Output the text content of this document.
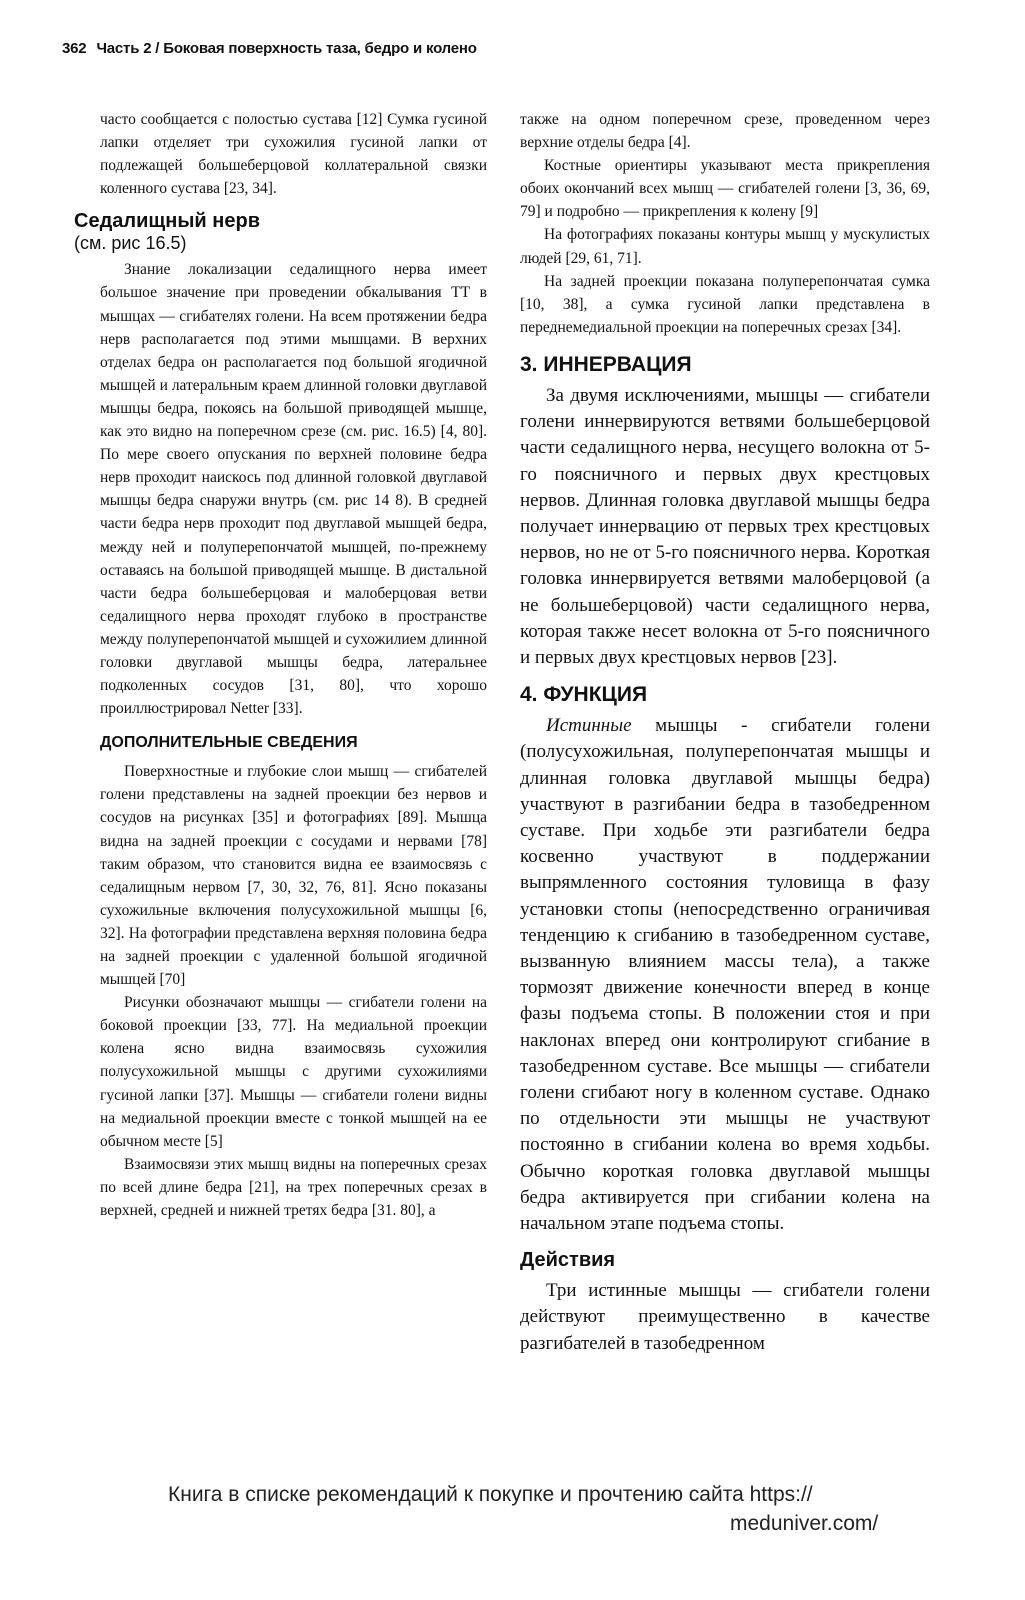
362 Часть 2 / Боковая поверхность таза, бедро и колено

часто сообщается с полостью сустава [12] Сумка гусиной лапки отделяет три сухожилия гусиной лапки от подлежащей большеберцовой коллатеральной связки коленного сустава [23, 34].

Седалищный нерв
(см. рис 16.5)

Знание локализации седалищного нерва имеет большое значение при проведении обкалывания ТТ в мышцах — сгибателях голени. На всем протяжении бедра нерв располагается под этими мышцами. В верхних отделах бедра он располагается под большой ягодичной мышцей и латеральным краем длинной головки двуглавой мышцы бедра, покоясь на большой приводящей мышце, как это видно на поперечном срезе (см. рис. 16.5) [4, 80]. По мере своего опускания по верхней половине бедра нерв проходит наискось под длинной головкой двуглавой мышцы бедра снаружи внутрь (см. рис 14 8). В средней части бедра нерв проходит под двуглавой мышцей бедра, между ней и полуперепончатой мышцей, по-прежнему оставаясь на большой приводящей мышце. В дистальной части бедра большеберцовая и малоберцовая ветви седалищного нерва проходят глубоко в пространстве между полуперепончатой мышцей и сухожилием длинной головки двуглавой мышцы бедра, латеральнее подколенных сосудов [31, 80], что хорошо проиллюстрировал Netter [33].

ДОПОЛНИТЕЛЬНЫЕ СВЕДЕНИЯ

Поверхностные и глубокие слои мышц — сгибателей голени представлены на задней проекции без нервов и сосудов на рисунках [35] и фотографиях [89]. Мышца видна на задней проекции с сосудами и нервами [78] таким образом, что становится видна ее взаимосвязь с седалищным нервом [7, 30, 32, 76, 81]. Ясно показаны сухожильные включения полусухожильной мышцы [6, 32]. На фотографии представлена верхняя половина бедра на задней проекции с удаленной большой ягодичной мышцей [70]

Рисунки обозначают мышцы — сгибатели голени на боковой проекции [33, 77]. На медиальной проекции колена ясно видна взаимосвязь сухожилия полусухожильной мышцы с другими сухожилиями гусиной лапки [37]. Мышцы — сгибатели голени видны на медиальной проекции вместе с тонкой мышцей на ее обычном месте [5]

Взаимосвязи этих мышц видны на поперечных срезах по всей длине бедра [21], на трех поперечных срезах в верхней, средней и нижней третях бедра [31. 80], а

также на одном поперечном срезе, проведенном через верхние отделы бедра [4].

Костные ориентиры указывают места прикрепления обоих окончаний всех мышц — сгибателей голени [3, 36, 69, 79] и подробно — прикрепления к колену [9]

На фотографиях показаны контуры мышц у мускулистых людей [29, 61, 71].

На задней проекции показана полуперепончатая сумка [10, 38], а сумка гусиной лапки представлена в переднемедиальной проекции на поперечных срезах [34].

3. ИННЕРВАЦИЯ

За двумя исключениями, мышцы — сгибатели голени иннервируются ветвями большеберцовой части седалищного нерва, несущего волокна от 5-го поясничного и первых двух крестцовых нервов. Длинная головка двуглавой мышцы бедра получает иннервацию от первых трех крестцовых нервов, но не от 5-го поясничного нерва. Короткая головка иннервируется ветвями малоберцовой (а не большеберцовой) части седалищного нерва, которая также несет волокна от 5-го поясничного и первых двух крестцовых нервов [23].

4. ФУНКЦИЯ

Истинные мышцы - сгибатели голени (полусухожильная, полуперепончатая мышцы и длинная головка двуглавой мышцы бедра) участвуют в разгибании бедра в тазобедренном суставе. При ходьбе эти разгибатели бедра косвенно участвуют в поддержании выпрямленного состояния туловища в фазу установки стопы (непосредственно ограничивая тенденцию к сгибанию в тазобедренном суставе, вызванную влиянием массы тела), а также тормозят движение конечности вперед в конце фазы подъема стопы. В положении стоя и при наклонах вперед они контролируют сгибание в тазобедренном суставе. Все мышцы — сгибатели голени сгибают ногу в коленном суставе. Однако по отдельности эти мышцы не участвуют постоянно в сгибании колена во время ходьбы. Обычно короткая головка двуглавой мышцы бедра активируется при сгибании колена на начальном этапе подъема стопы.

Действия

Три истинные мышцы — сгибатели голени действуют преимущественно в качестве разгибателей в тазобедренном

Книга в списке рекомендаций к покупке и прочтению сайта https://
meduniver.com/
